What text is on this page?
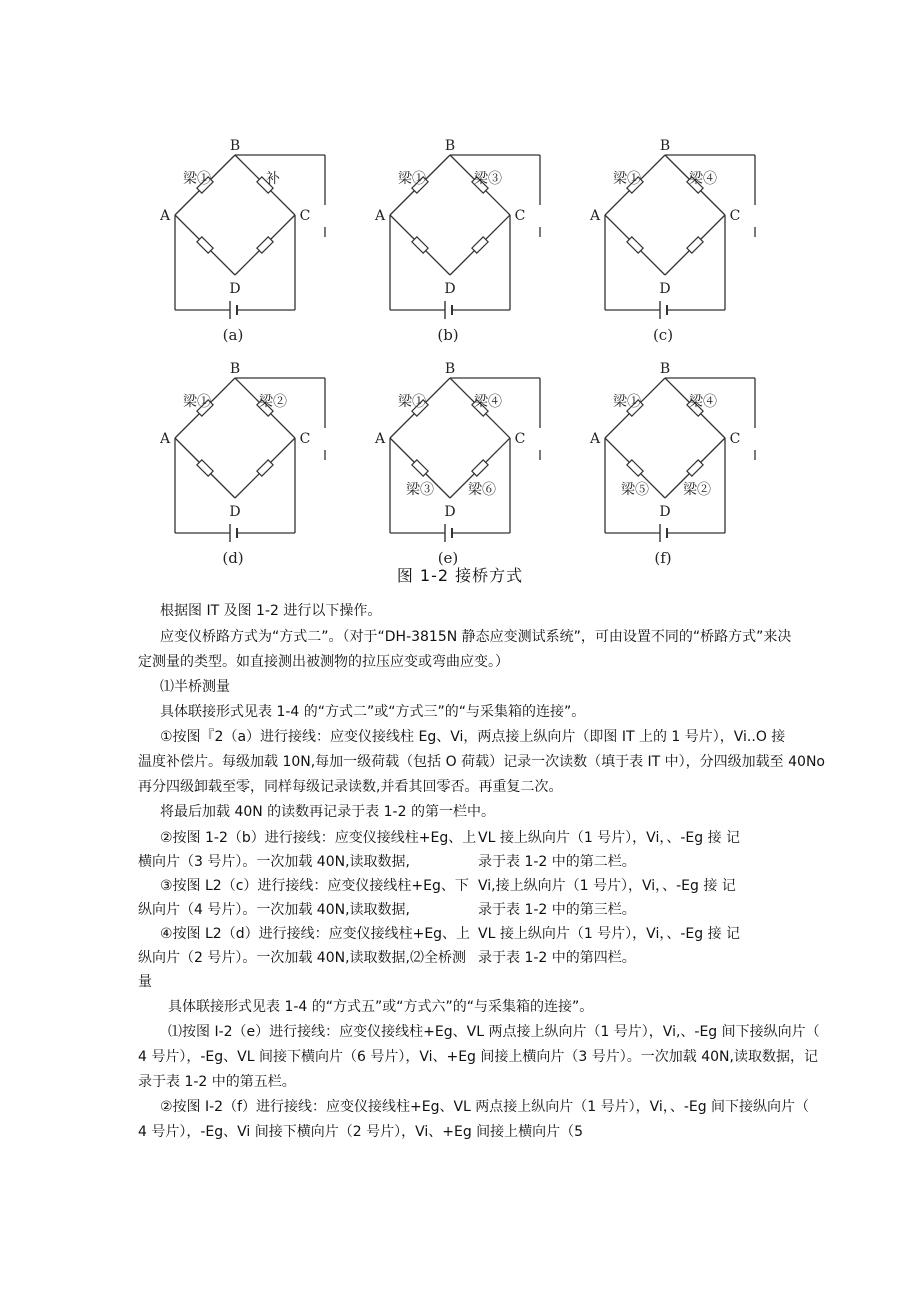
B
A	C
D
梁①	补
(a)
B
A	C
D
梁①	梁③
(b)
B
A	C
D
梁①	梁④
(c)
B
A	C
D
梁①	梁②
(d)
B
A	C
D
梁①	梁④
梁③ 梁⑥
(e)
B
A	C
D
梁①	梁④
梁⑤ 梁②
(f)
图 1-2 接桥方式
根据图 IT 及图 1-2 进行以下操作。
应变仪桥路方式为“方式二”。（对于“DH-3815N 静态应变测试系统”，可由设置不同的“桥路方式”来决
定测量的类型。如直接测出被测物的拉压应变或弯曲应变。）
⑴半桥测量
具体联接形式见表 1-4 的“方式二”或“方式三”的“与采集箱的连接”。
①按图『2（a）进行接线：应变仪接线柱 Eg、Vi，两点接上纵向片（即图 IT 上的 1 号片），Vi..O 接
温度补偿片。每级加载 10N,每加一级荷载（包括 O 荷载）记录一次读数（填于表 IT 中），分四级加载至 40No
再分四级卸载至零，同样每级记录读数,并看其回零否。再重复二次。
将最后加载 40N 的读数再记录于表 1-2 的第一栏中。
②按图 1-2（b）进行接线：应变仪接线柱+Eg、上 VL 接上纵向片（1 号片），Vi，、-Eg 接 记
横向片（3 号片）。一次加载 40N,读取数据,	录于表 1-2 中的第二栏。
③按图 L2（c）进行接线：应变仪接线柱+Eg、下 Vi,接上纵向片（1 号片），Vi，、-Eg 接 记
纵向片（4 号片）。一次加载 40N,读取数据,	录于表 1-2 中的第三栏。
④按图 L2（d）进行接线：应变仪接线柱+Eg、上 VL 接上纵向片（1 号片），Vi，、-Eg 接 记
纵向片（2 号片）。一次加载 40N,读取数据,⑵全桥测 录于表 1-2 中的第四栏。
量
具体联接形式见表 1-4 的“方式五”或“方式六”的“与采集箱的连接”。
⑴按图 I-2（e）进行接线：应变仪接线柱+Eg、VL 两点接上纵向片（1 号片），Vi,、-Eg 间下接纵向片（
4 号片），-Eg、VL 间接下横向片（6 号片），Vi、+Eg 间接上横向片（3 号片）。一次加载 40N,读取数据，记
录于表 1-2 中的第五栏。
②按图 I-2（f）进行接线：应变仪接线柱+Eg、VL 两点接上纵向片（1 号片），Vi，、-Eg 间下接纵向片（
4 号片），-Eg、Vi 间接下横向片（2 号片），Vi、+Eg 间接上横向片（5
